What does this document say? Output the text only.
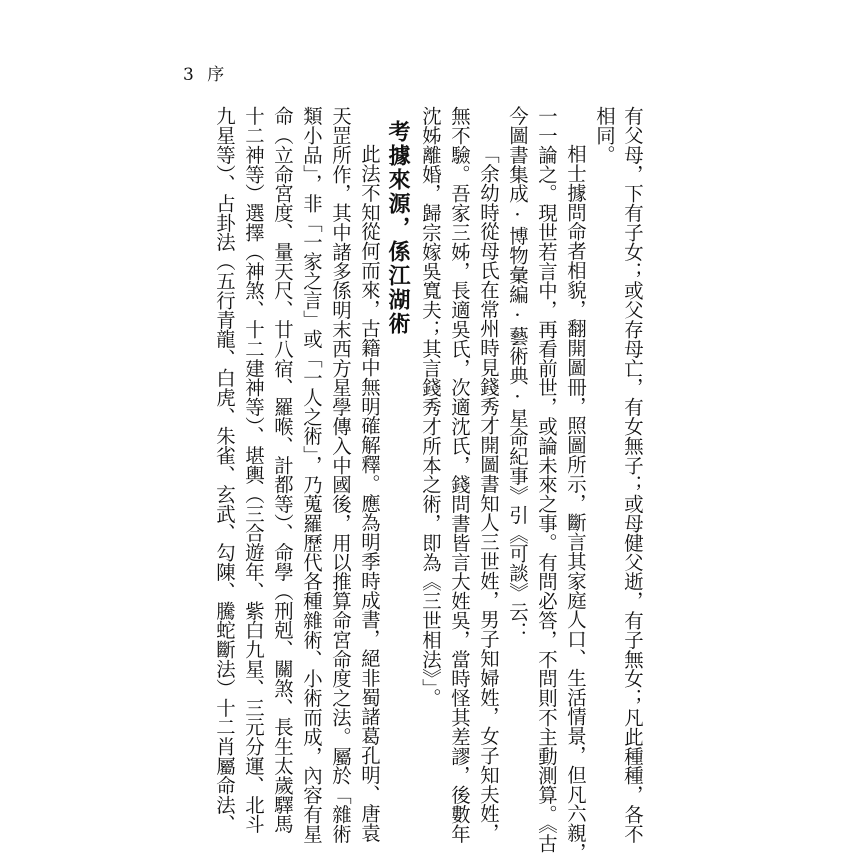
3 序
有父母，下有子女；或父存母亡，有女無子；或母健父逝，有子無女；凡此種種，各不
相同。
相士據問命者相貌，翻開圖冊，照圖所示，斷言其家庭人口、生活情景，但凡六親，
一一論之。現世若言中，再看前世，或論未來之事。有問必答，不問則不主動測算。《古
今圖書集成·博物彙編·藝術典·星命紀事》引《可談》云：
「余幼時從母氏在常州時見錢秀才開圖書知人三世姓，男子知婦姓，女子知夫姓，
無不驗。吾家三姊，長適吳氏，次適沈氏，錢問書皆言大姓吳，當時怪其差謬，後數年
沈姊離婚，歸宗嫁吳寬夫；其言錢秀才所本之術，即為《三世相法》」。
考據來源，係江湖術
此法不知從何而來，古籍中無明確解釋。應為明季時成書，絕非蜀諸葛孔明、唐袁
天罡所作，其中諸多係明末西方星學傳入中國後，用以推算命宮命度之法。屬於「雜術
類小品」，非「一家之言」或「一人之術」，乃蒐羅歷代各種雜術、小術而成，內容有星
命（立命宮度、量天尺、廿八宿、羅喉、計都等）、命學（刑剋、關煞、長生太歲驛馬
十二神等）選擇（神煞、十二建神等）、堪輿（三合遊年、紫白九星、三元分運、北斗
九星等）、占卦法（五行青龍、白虎、朱雀、玄武、勾陳、騰蛇斷法）十二肖屬命法、
